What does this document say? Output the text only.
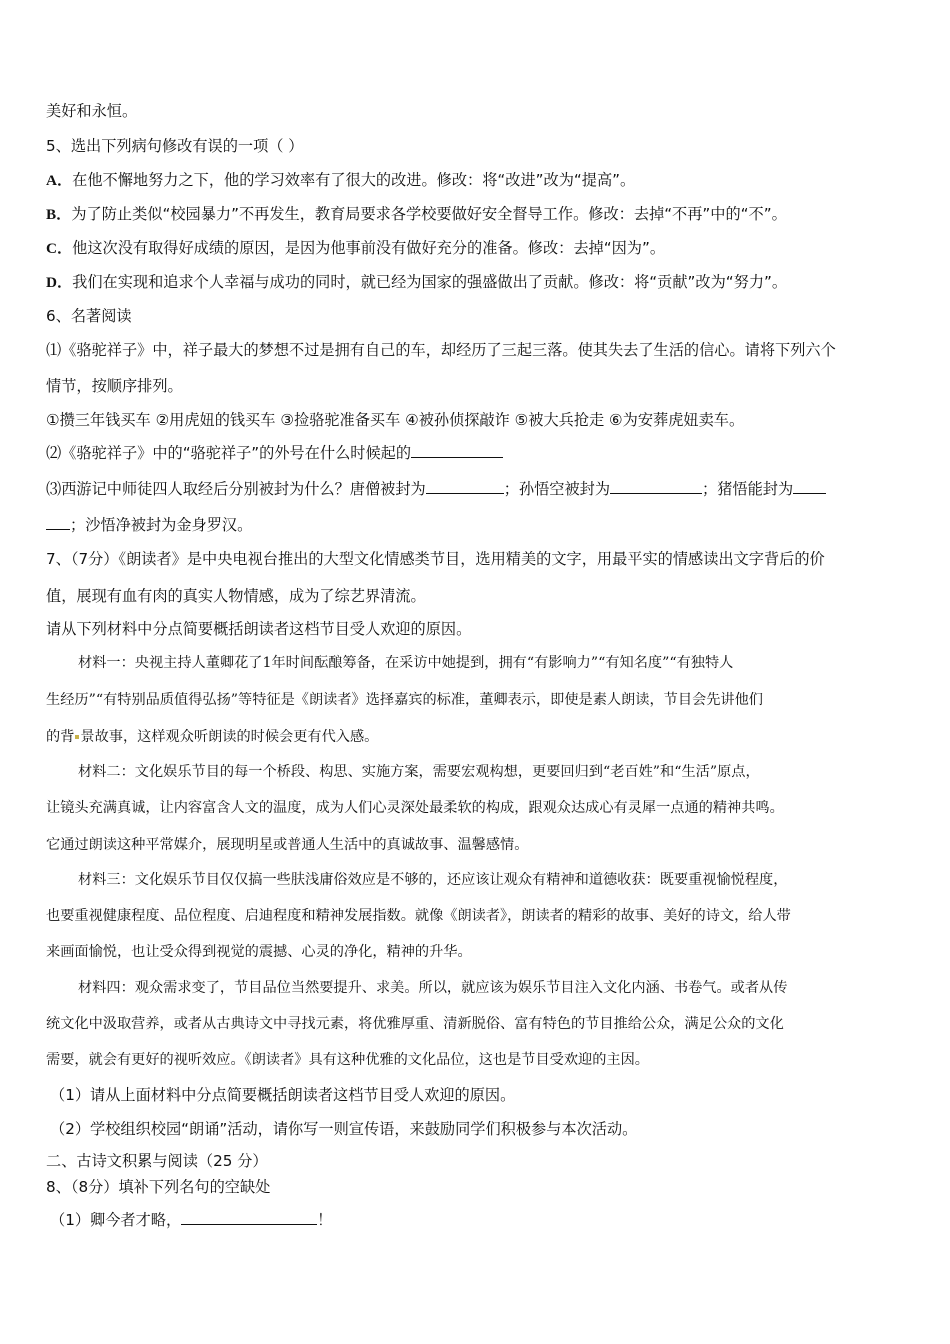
美好和永恒。
5、选出下列病句修改有误的一项（ ）
A．在他不懈地努力之下，他的学习效率有了很大的改进。修改：将“改进”改为“提高”。
B．为了防止类似“校园暴力”不再发生，教育局要求各学校要做好安全督导工作。修改：去掉“不再”中的“不”。
C．他这次没有取得好成绩的原因，是因为他事前没有做好充分的准备。修改：去掉“因为”。
D．我们在实现和追求个人幸福与成功的同时，就已经为国家的强盛做出了贡献。修改：将“贡献”改为“努力”。
6、名著阅读
⑴《骆驼祥子》中，祥子最大的梦想不过是拥有自己的车，却经历了三起三落。使其失去了生活的信心。请将下列六个
情节，按顺序排列。
①攒三年钱买车 ②用虎妞的钱买车 ③捡骆驼准备买车 ④被孙侦探敲诈 ⑤被大兵抢走 ⑥为安葬虎妞卖车。
⑵《骆驼祥子》中的“骆驼祥子”的外号在什么时候起的
⑶西游记中师徒四人取经后分别被封为什么？唐僧被封为	；孙悟空被封为	；猪悟能封为
；沙悟净被封为金身罗汉。
7、（7分）《朗读者》是中央电视台推出的大型文化情感类节目，选用精美的文字，用最平实的情感读出文字背后的价
值，展现有血有肉的真实人物情感，成为了综艺界清流。
请从下列材料中分点简要概括朗读者这档节目受人欢迎的原因。
材料一：央视主持人董卿花了1年时间酝酿筹备，在采访中她提到，拥有“有影响力”“有知名度”“有独特人
生经历”“有特别品质值得弘扬”等特征是《朗读者》选择嘉宾的标准，董卿表示，即使是素人朗读，节目会先讲他们
的背 景故事，这样观众听朗读的时候会更有代入感。
材料二：文化娱乐节目的每一个桥段、构思、实施方案，需要宏观构想，更要回归到“老百姓”和“生活”原点，
让镜头充满真诚，让内容富含人文的温度，成为人们心灵深处最柔软的构成，跟观众达成心有灵犀一点通的精神共鸣。
它通过朗读这种平常媒介，展现明星或普通人生活中的真诚故事、温馨感情。
材料三：文化娱乐节目仅仅搞一些肤浅庸俗效应是不够的，还应该让观众有精神和道德收获：既要重视愉悦程度，
也要重视健康程度、品位程度、启迪程度和精神发展指数。就像《朗读者》，朗读者的精彩的故事、美好的诗文，给人带
来画面愉悦，也让受众得到视觉的震撼、心灵的净化，精神的升华。
材料四：观众需求变了，节目品位当然要提升、求美。所以，就应该为娱乐节目注入文化内涵、书卷气。或者从传
统文化中汲取营养，或者从古典诗文中寻找元素，将优雅厚重、清新脱俗、富有特色的节目推给公众，满足公众的文化
需要，就会有更好的视听效应。《朗读者》具有这种优雅的文化品位，这也是节目受欢迎的主因。
（1）请从上面材料中分点简要概括朗读者这档节目受人欢迎的原因。
（2）学校组织校园“朗诵”活动，请你写一则宣传语，来鼓励同学们积极参与本次活动。
二、古诗文积累与阅读（25 分）
8、（8分）填补下列名句的空缺处
（1）卿今者才略，	！
